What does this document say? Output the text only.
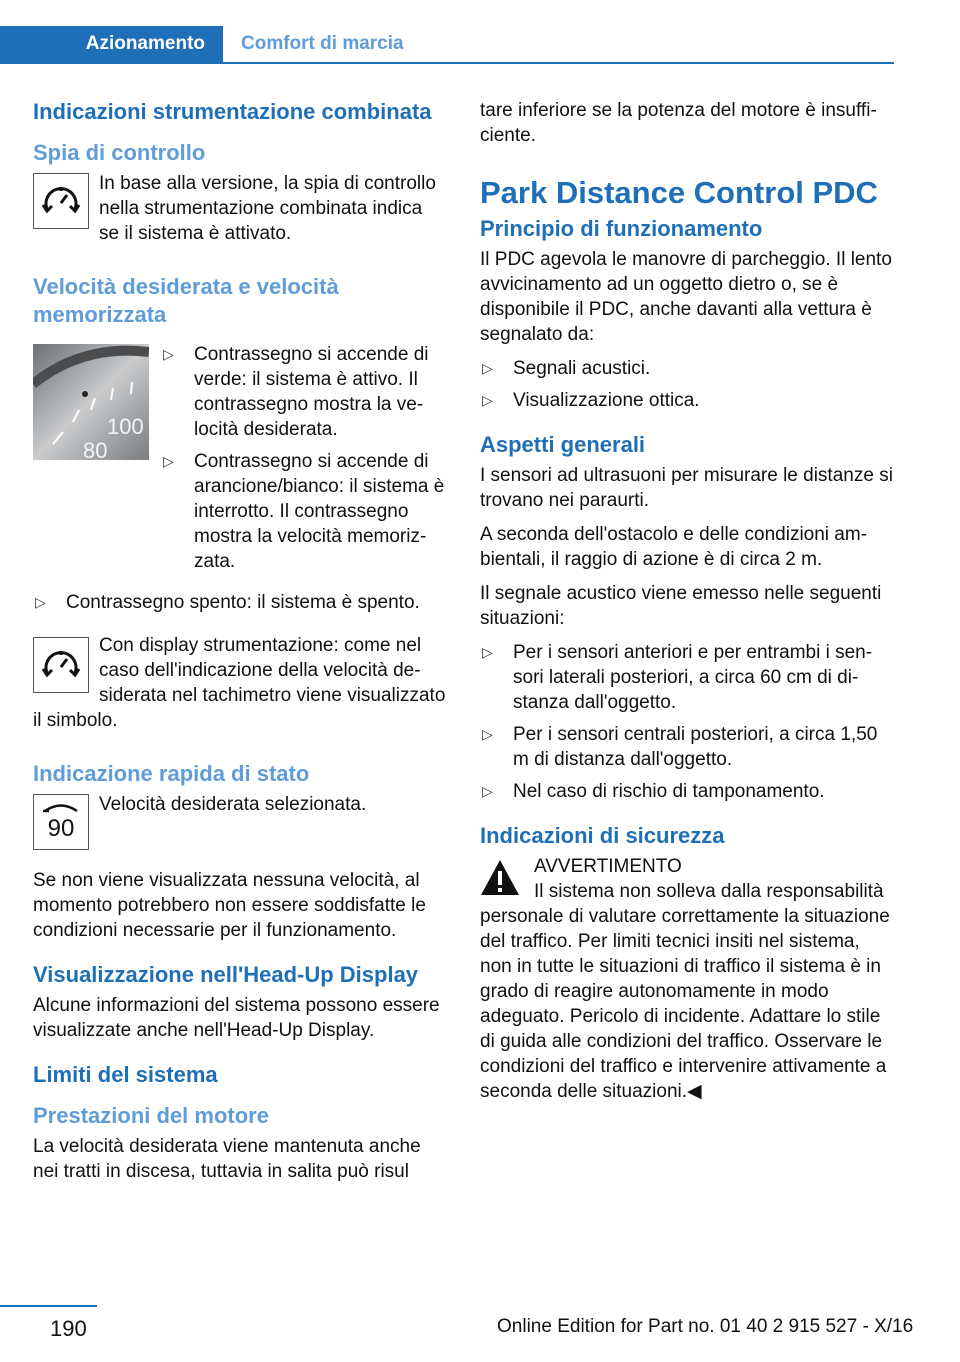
Azionamento	Comfort di marcia
Indicazioni strumentazione combinata
Spia di controllo

In base alla versione, la spia di controllo nella strumentazione combinata indica se il sistema è attivato.

Velocità desiderata e velocità memorizzata
100
80
▷ Contrassegno si accende di verde: il sistema è attivo. Il contrassegno mostra la velocità desiderata.
▷ Contrassegno si accende di arancione/bianco: il sistema è interrotto. Il contrassegno mostra la velocità memorizzata.
▷ Contrassegno spento: il sistema è spento.

Con display strumentazione: come nel caso dell'indicazione della velocità desiderata nel tachimetro viene visualizzato il simbolo.

Indicazione rapida di stato
90

Velocità desiderata selezionata.

Se non viene visualizzata nessuna velocità, al momento potrebbero non essere soddisfatte le condizioni necessarie per il funzionamento.

Visualizzazione nell'Head-Up Display

Alcune informazioni del sistema possono essere visualizzate anche nell'Head-Up Display.

Limiti del sistema
Prestazioni del motore

La velocità desiderata viene mantenuta anche nei tratti in discesa, tuttavia in salita può risul

tare inferiore se la potenza del motore è insufficiente.

Park Distance Control PDC
Principio di funzionamento

Il PDC agevola le manovre di parcheggio. Il lento avvicinamento ad un oggetto dietro o, se è disponibile il PDC, anche davanti alla vettura è segnalato da:

▷ Segnali acustici.
▷ Visualizzazione ottica.
Aspetti generali

I sensori ad ultrasuoni per misurare le distanze si trovano nei paraurti.

A seconda dell'ostacolo e delle condizioni ambientali, il raggio di azione è di circa 2 m.

Il segnale acustico viene emesso nelle seguenti situazioni:

▷ Per i sensori anteriori e per entrambi i sensori laterali posteriori, a circa 60 cm di distanza dall'oggetto.
▷ Per i sensori centrali posteriori, a circa 1,50 m di distanza dall'oggetto.
▷ Nel caso di rischio di tamponamento.
Indicazioni di sicurezza

AVVERTIMENTO

Il sistema non solleva dalla responsabilità personale di valutare correttamente la situazione del traffico. Per limiti tecnici insiti nel sistema, non in tutte le situazioni di traffico il sistema è in grado di reagire autonomamente in modo adeguato. Pericolo di incidente. Adattare lo stile di guida alle condizioni del traffico. Osservare le condizioni del traffico e intervenire attivamente a seconda delle situazioni.◀

190	Online Edition for Part no. 01 40 2 915 527 - X/16
